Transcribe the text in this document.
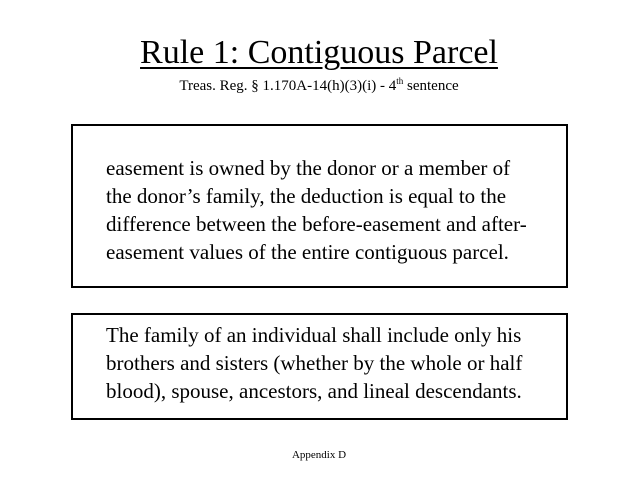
Rule 1: Contiguous Parcel
Treas. Reg. § 1.170A-14(h)(3)(i) - 4th sentence
easement is owned by the donor or a member of
the donor’s family, the deduction is equal to the
difference between the before-easement and after-
easement values of the entire contiguous parcel.
The family of an individual shall include only his
brothers and sisters (whether by the whole or half
blood), spouse, ancestors, and lineal descendants.
Appendix D
